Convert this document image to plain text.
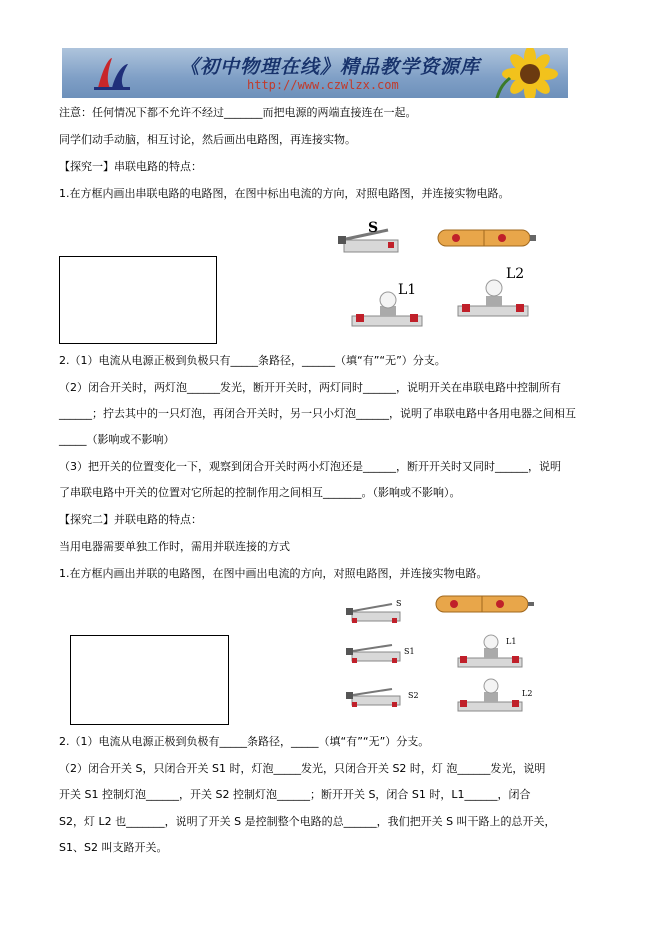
《初中物理在线》精品教学资源库
http://www.czwlzx.com
注意：任何情况下都不允许不经过_______而把电源的两端直接连在一起。
同学们动手动脑，相互讨论，然后画出电路图，再连接实物。
【探究一】串联电路的特点：
1.在方框内画出串联电路的电路图，在图中标出电流的方向，对照电路图，并连接实物电路。
S
L1
L2
2.（1）电流从电源正极到负极只有_____条路径，______（填“有”“无”）分支。
（2）闭合开关时，两灯泡______发光，断开开关时，两灯同时______，说明开关在串联电路中控制所有
______；拧去其中的一只灯泡，再闭合开关时，另一只小灯泡______，说明了串联电路中各用电器之间相互
_____（影响或不影响）
（3）把开关的位置变化一下，观察到闭合开关时两小灯泡还是______，断开开关时又同时______，说明
了串联电路中开关的位置对它所起的控制作用之间相互_______。（影响或不影响）。
【探究二】并联电路的特点：
当用电器需要单独工作时，需用并联连接的方式
1.在方框内画出并联的电路图，在图中画出电流的方向，对照电路图，并连接实物电路。
S
S1
L1
S2	L2
2.（1）电流从电源正极到负极有_____条路径，_____（填“有”“无”）分支。
（2）闭合开关 S，只闭合开关 S1 时，灯泡_____发光，只闭合开关 S2 时，灯 泡______发光，说明
开关 S1 控制灯泡______，开关 S2 控制灯泡______；断开开关 S，闭合 S1 时，L1______，闭合
S2，灯 L2 也_______，说明了开关 S 是控制整个电路的总______，我们把开关 S 叫干路上的总开关，
S1、S2 叫支路开关。
